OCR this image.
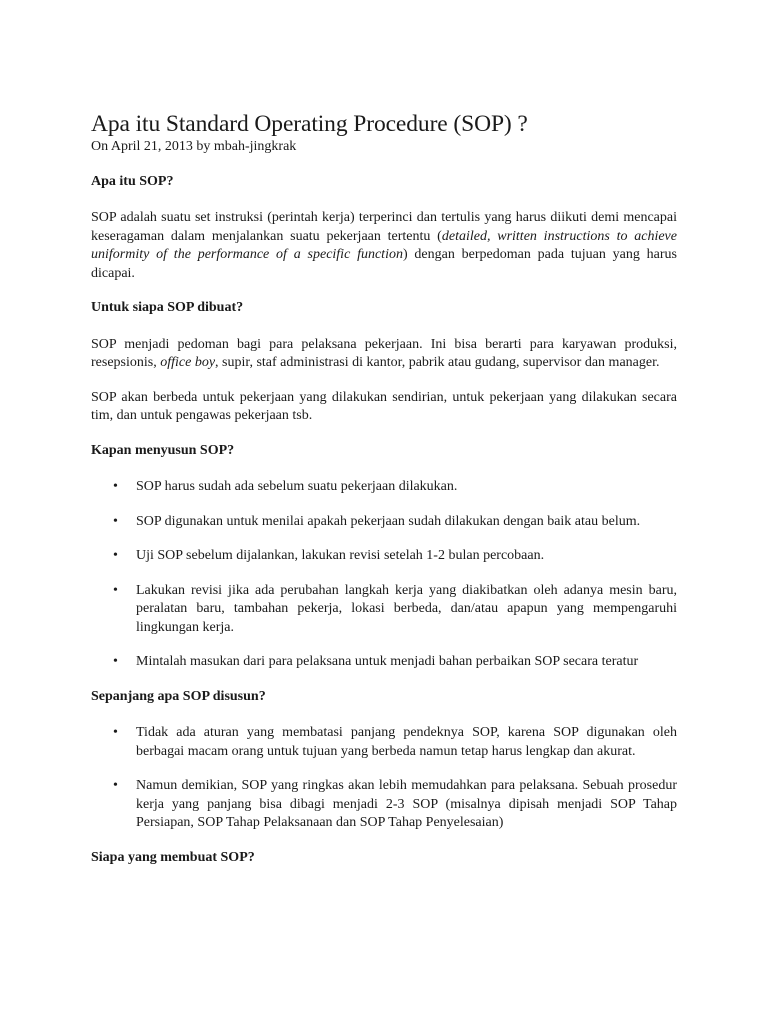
Apa itu Standard Operating Procedure (SOP) ?

On April 21, 2013 by mbah-jingkrak

Apa itu SOP?

SOP adalah suatu set instruksi (perintah kerja) terperinci dan tertulis yang harus diikuti demi mencapai keseragaman dalam menjalankan suatu pekerjaan tertentu (detailed, written instructions to achieve uniformity of the performance of a specific function) dengan berpedoman pada tujuan yang harus dicapai.

Untuk siapa SOP dibuat?

SOP menjadi pedoman bagi para pelaksana pekerjaan. Ini bisa berarti para karyawan produksi, resepsionis, office boy, supir, staf administrasi di kantor, pabrik atau gudang, supervisor dan manager.

SOP akan berbeda untuk pekerjaan yang dilakukan sendirian, untuk pekerjaan yang dilakukan secara tim, dan untuk pengawas pekerjaan tsb.

Kapan menyusun SOP?

• SOP harus sudah ada sebelum suatu pekerjaan dilakukan.
• SOP digunakan untuk menilai apakah pekerjaan sudah dilakukan dengan baik atau belum.
• Uji SOP sebelum dijalankan, lakukan revisi setelah 1-2 bulan percobaan.
• Lakukan revisi jika ada perubahan langkah kerja yang diakibatkan oleh adanya mesin baru, peralatan baru, tambahan pekerja, lokasi berbeda, dan/atau apapun yang mempengaruhi lingkungan kerja.
• Mintalah masukan dari para pelaksana untuk menjadi bahan perbaikan SOP secara teratur

Sepanjang apa SOP disusun?

• Tidak ada aturan yang membatasi panjang pendeknya SOP, karena SOP digunakan oleh berbagai macam orang untuk tujuan yang berbeda namun tetap harus lengkap dan akurat.
• Namun demikian, SOP yang ringkas akan lebih memudahkan para pelaksana. Sebuah prosedur kerja yang panjang bisa dibagi menjadi 2-3 SOP (misalnya dipisah menjadi SOP Tahap Persiapan, SOP Tahap Pelaksanaan dan SOP Tahap Penyelesaian)

Siapa yang membuat SOP?
